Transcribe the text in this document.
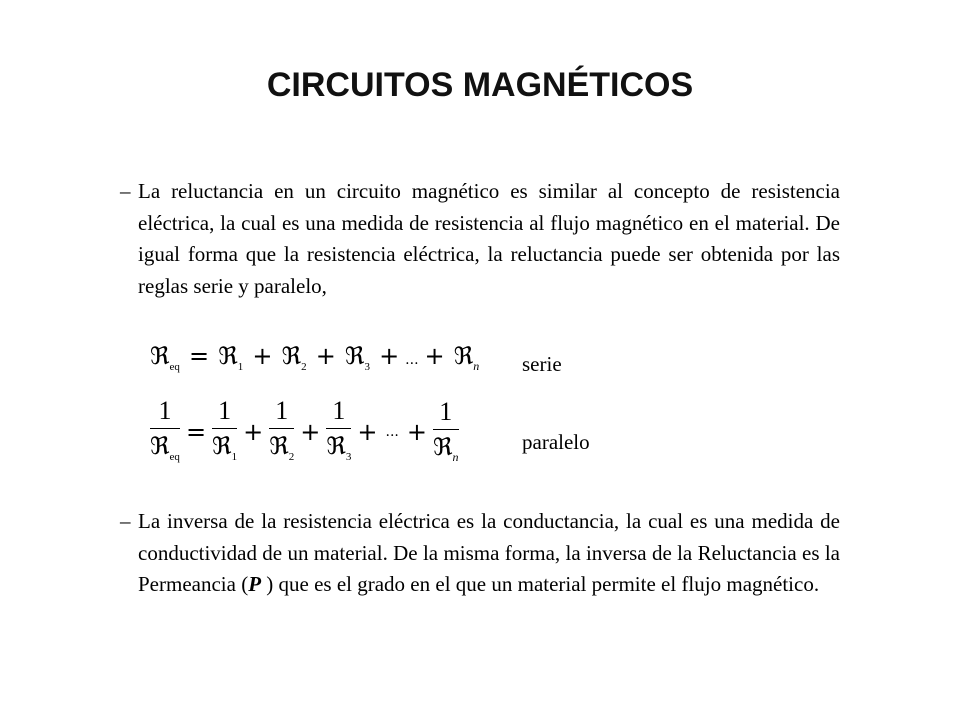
CIRCUITOS MAGNÉTICOS
– La reluctancia en un circuito magnético es similar al concepto de resistencia eléctrica, la cual es una medida de resistencia al flujo magnético en el material. De igual forma que la resistencia eléctrica, la reluctancia puede ser obtenida por las reglas serie y paralelo,
ℜ$_{eq}$ = ℜ$_1$ + ℜ$_2$ + ℜ$_3$ + ... + ℜ$_n$ serie
$\frac{1}{ℜ_{eq}} = \frac{1}{ℜ_1} + \frac{1}{ℜ_2} + \frac{1}{ℜ_3}$ + ... + $\frac{1}{ℜ_n}$	paralelo
– La inversa de la resistencia eléctrica es la conductancia, la cual es una medida de conductividad de un material. De la misma forma, la inversa de la Reluctancia es la Permeancia (P ) que es el grado en el que un material permite el flujo magnético.
